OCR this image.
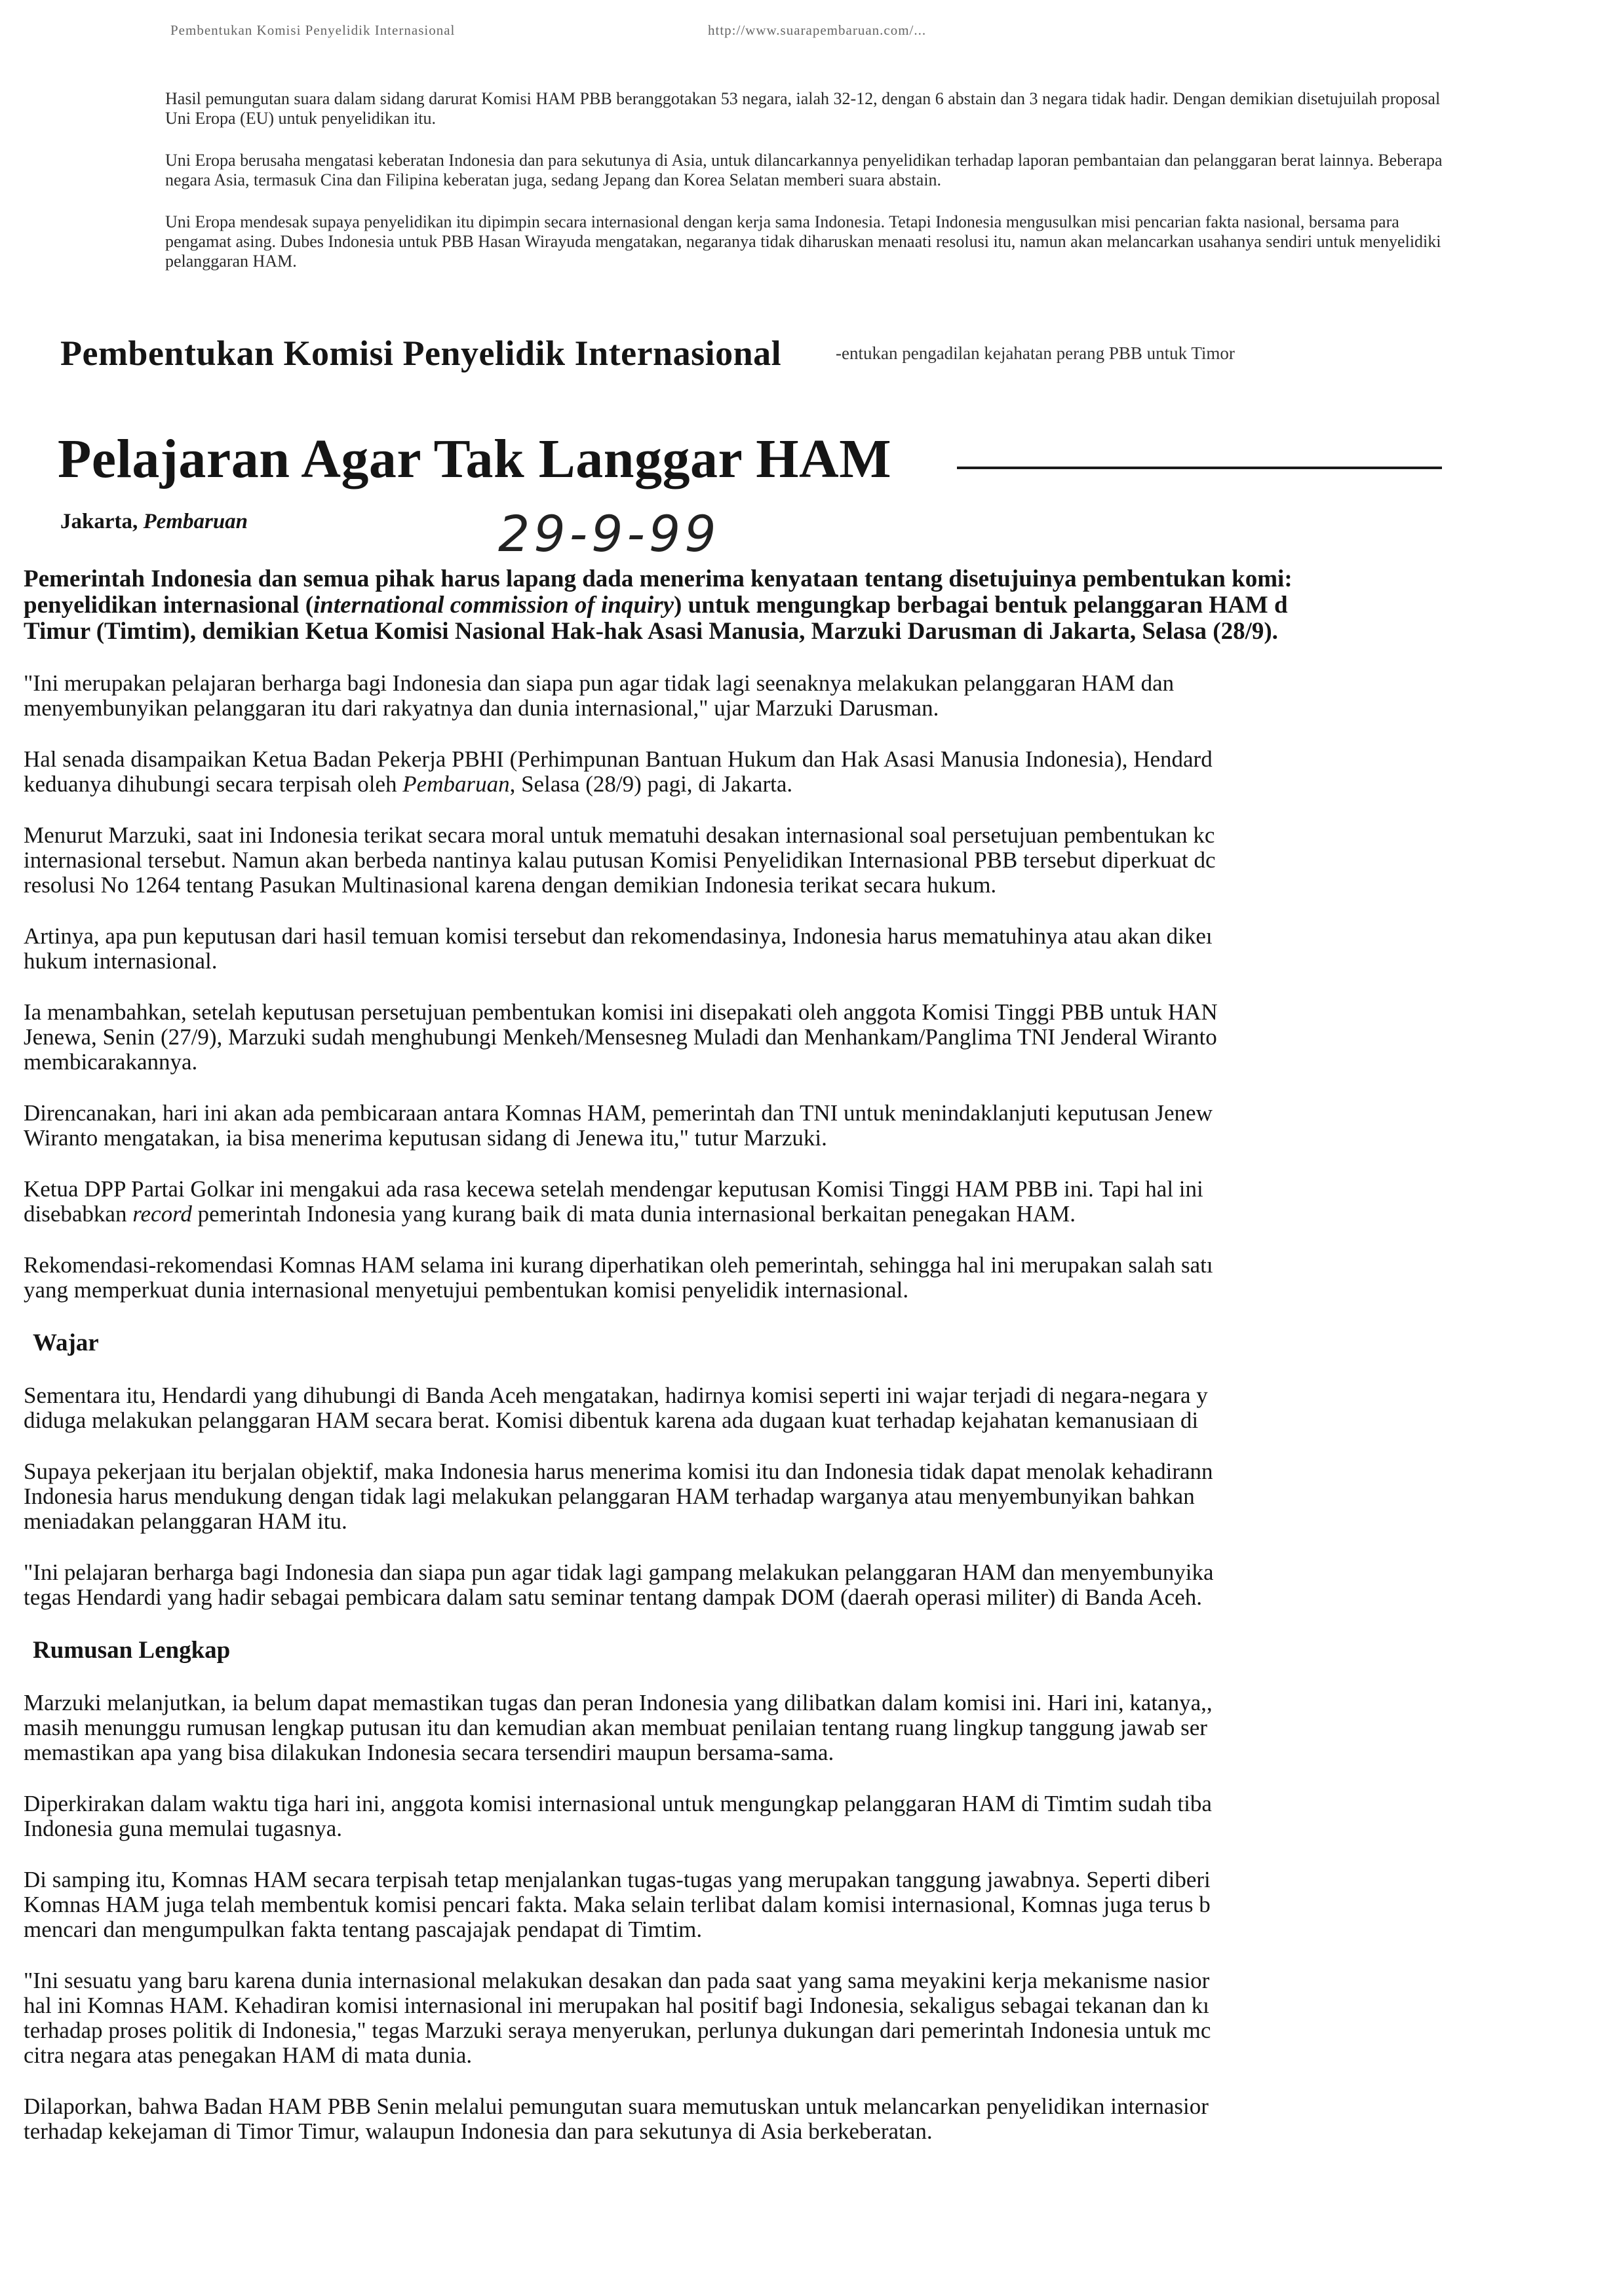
Pembentukan Komisi Penyelidik Internasional	http://www.suarapembaruan.com/...

Hasil pemungutan suara dalam sidang darurat Komisi HAM PBB beranggotakan 53 negara, ialah 32-12, dengan 6 abstain dan 3 negara tidak hadir. Dengan demikian disetujuilah proposal Uni Eropa (EU) untuk penyelidikan itu.

Uni Eropa berusaha mengatasi keberatan Indonesia dan para sekutunya di Asia, untuk dilancarkannya penyelidikan terhadap laporan pembantaian dan pelanggaran berat lainnya. Beberapa negara Asia, termasuk Cina dan Filipina keberatan juga, sedang Jepang dan Korea Selatan memberi suara abstain.

Uni Eropa mendesak supaya penyelidikan itu dipimpin secara internasional dengan kerja sama Indonesia. Tetapi Indonesia mengusulkan misi pencarian fakta nasional, bersama para pengamat asing. Dubes Indonesia untuk PBB Hasan Wirayuda mengatakan, negaranya tidak diharuskan menaati resolusi itu, namun akan melancarkan usahanya sendiri untuk menyelidiki pelanggaran HAM.

-entukan pengadilan kejahatan perang PBB untuk Timor
Pembentukan Komisi Penyelidik Internasional
Pelajaran Agar Tak Langgar HAM
Jakarta, Pembaruan	29-9-99

Pemerintah Indonesia dan semua pihak harus lapang dada menerima kenyataan tentang disetujuinya pembentukan komi:
penyelidikan internasional (international commission of inquiry) untuk mengungkap berbagai bentuk pelanggaran HAM d
Timur (Timtim), demikian Ketua Komisi Nasional Hak-hak Asasi Manusia, Marzuki Darusman di Jakarta, Selasa (28/9).

"Ini merupakan pelajaran berharga bagi Indonesia dan siapa pun agar tidak lagi seenaknya melakukan pelanggaran HAM dan
menyembunyikan pelanggaran itu dari rakyatnya dan dunia internasional," ujar Marzuki Darusman.

Hal senada disampaikan Ketua Badan Pekerja PBHI (Perhimpunan Bantuan Hukum dan Hak Asasi Manusia Indonesia), Hendard
keduanya dihubungi secara terpisah oleh Pembaruan, Selasa (28/9) pagi, di Jakarta.

Menurut Marzuki, saat ini Indonesia terikat secara moral untuk mematuhi desakan internasional soal persetujuan pembentukan kc
internasional tersebut. Namun akan berbeda nantinya kalau putusan Komisi Penyelidikan Internasional PBB tersebut diperkuat dc
resolusi No 1264 tentang Pasukan Multinasional karena dengan demikian Indonesia terikat secara hukum.

Artinya, apa pun keputusan dari hasil temuan komisi tersebut dan rekomendasinya, Indonesia harus mematuhinya atau akan dikeı
hukum internasional.

Ia menambahkan, setelah keputusan persetujuan pembentukan komisi ini disepakati oleh anggota Komisi Tinggi PBB untuk HAN
Jenewa, Senin (27/9), Marzuki sudah menghubungi Menkeh/Mensesneg Muladi dan Menhankam/Panglima TNI Jenderal Wiranto
membicarakannya.

Direncanakan, hari ini akan ada pembicaraan antara Komnas HAM, pemerintah dan TNI untuk menindaklanjuti keputusan Jenew
Wiranto mengatakan, ia bisa menerima keputusan sidang di Jenewa itu," tutur Marzuki.

Ketua DPP Partai Golkar ini mengakui ada rasa kecewa setelah mendengar keputusan Komisi Tinggi HAM PBB ini. Tapi hal ini
disebabkan record pemerintah Indonesia yang kurang baik di mata dunia internasional berkaitan penegakan HAM.

Rekomendasi-rekomendasi Komnas HAM selama ini kurang diperhatikan oleh pemerintah, sehingga hal ini merupakan salah satı
yang memperkuat dunia internasional menyetujui pembentukan komisi penyelidik internasional.

Wajar

Sementara itu, Hendardi yang dihubungi di Banda Aceh mengatakan, hadirnya komisi seperti ini wajar terjadi di negara-negara y
diduga melakukan pelanggaran HAM secara berat. Komisi dibentuk karena ada dugaan kuat terhadap kejahatan kemanusiaan di

Supaya pekerjaan itu berjalan objektif, maka Indonesia harus menerima komisi itu dan Indonesia tidak dapat menolak kehadirann
Indonesia harus mendukung dengan tidak lagi melakukan pelanggaran HAM terhadap warganya atau menyembunyikan bahkan
meniadakan pelanggaran HAM itu.

"Ini pelajaran berharga bagi Indonesia dan siapa pun agar tidak lagi gampang melakukan pelanggaran HAM dan menyembunyika
tegas Hendardi yang hadir sebagai pembicara dalam satu seminar tentang dampak DOM (daerah operasi militer) di Banda Aceh.

Rumusan Lengkap

Marzuki melanjutkan, ia belum dapat memastikan tugas dan peran Indonesia yang dilibatkan dalam komisi ini. Hari ini, katanya,,
masih menunggu rumusan lengkap putusan itu dan kemudian akan membuat penilaian tentang ruang lingkup tanggung jawab ser
memastikan apa yang bisa dilakukan Indonesia secara tersendiri maupun bersama-sama.

Diperkirakan dalam waktu tiga hari ini, anggota komisi internasional untuk mengungkap pelanggaran HAM di Timtim sudah tiba
Indonesia guna memulai tugasnya.

Di samping itu, Komnas HAM secara terpisah tetap menjalankan tugas-tugas yang merupakan tanggung jawabnya. Seperti diberi
Komnas HAM juga telah membentuk komisi pencari fakta. Maka selain terlibat dalam komisi internasional, Komnas juga terus b
mencari dan mengumpulkan fakta tentang pascajajak pendapat di Timtim.

"Ini sesuatu yang baru karena dunia internasional melakukan desakan dan pada saat yang sama meyakini kerja mekanisme nasior
hal ini Komnas HAM. Kehadiran komisi internasional ini merupakan hal positif bagi Indonesia, sekaligus sebagai tekanan dan kı
terhadap proses politik di Indonesia," tegas Marzuki seraya menyerukan, perlunya dukungan dari pemerintah Indonesia untuk mc
citra negara atas penegakan HAM di mata dunia.

Dilaporkan, bahwa Badan HAM PBB Senin melalui pemungutan suara memutuskan untuk melancarkan penyelidikan internasior
terhadap kekejaman di Timor Timur, walaupun Indonesia dan para sekutunya di Asia berkeberatan.
